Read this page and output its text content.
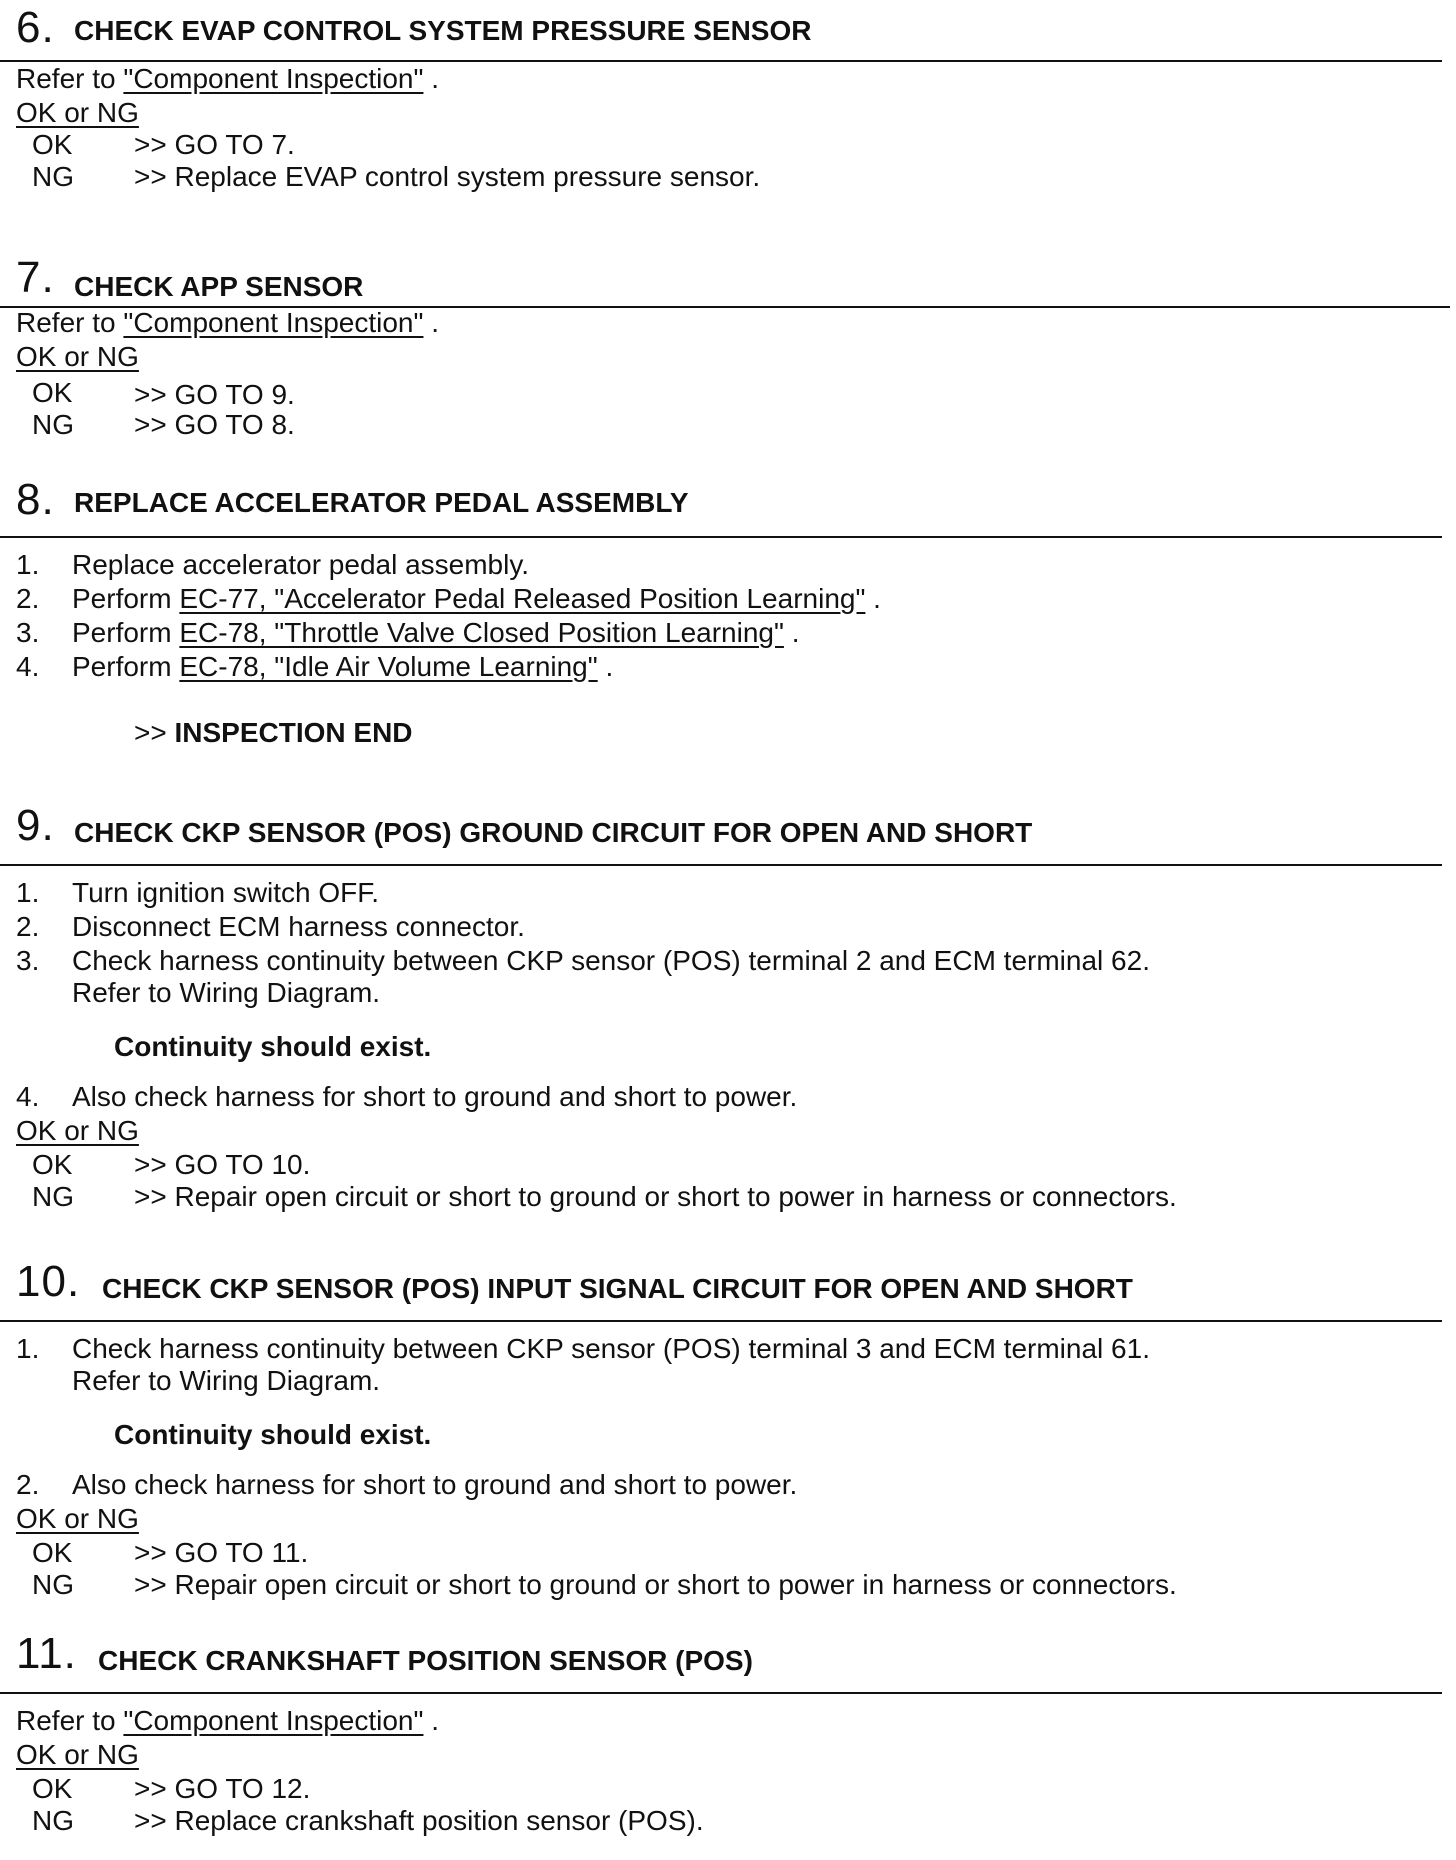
6. CHECK EVAP CONTROL SYSTEM PRESSURE SENSOR
Refer to "Component Inspection" .
OK or NG
OK >> GO TO 7.
NG >> Replace EVAP control system pressure sensor.
7. CHECK APP SENSOR
Refer to "Component Inspection" .
OK or NG
OK >> GO TO 9.
NG >> GO TO 8.
8. REPLACE ACCELERATOR PEDAL ASSEMBLY
1. Replace accelerator pedal assembly.
2. Perform EC-77, "Accelerator Pedal Released Position Learning" .
3. Perform EC-78, "Throttle Valve Closed Position Learning" .
4. Perform EC-78, "Idle Air Volume Learning" .
>> INSPECTION END
9. CHECK CKP SENSOR (POS) GROUND CIRCUIT FOR OPEN AND SHORT
1. Turn ignition switch OFF.
2. Disconnect ECM harness connector.
3. Check harness continuity between CKP sensor (POS) terminal 2 and ECM terminal 62.
Refer to Wiring Diagram.
Continuity should exist.
4. Also check harness for short to ground and short to power.
OK or NG
OK >> GO TO 10.
NG >> Repair open circuit or short to ground or short to power in harness or connectors.
10. CHECK CKP SENSOR (POS) INPUT SIGNAL CIRCUIT FOR OPEN AND SHORT
1. Check harness continuity between CKP sensor (POS) terminal 3 and ECM terminal 61.
Refer to Wiring Diagram.
Continuity should exist.
2. Also check harness for short to ground and short to power.
OK or NG
OK >> GO TO 11.
NG >> Repair open circuit or short to ground or short to power in harness or connectors.
11. CHECK CRANKSHAFT POSITION SENSOR (POS)
Refer to "Component Inspection" .
OK or NG
OK >> GO TO 12.
NG >> Replace crankshaft position sensor (POS).
